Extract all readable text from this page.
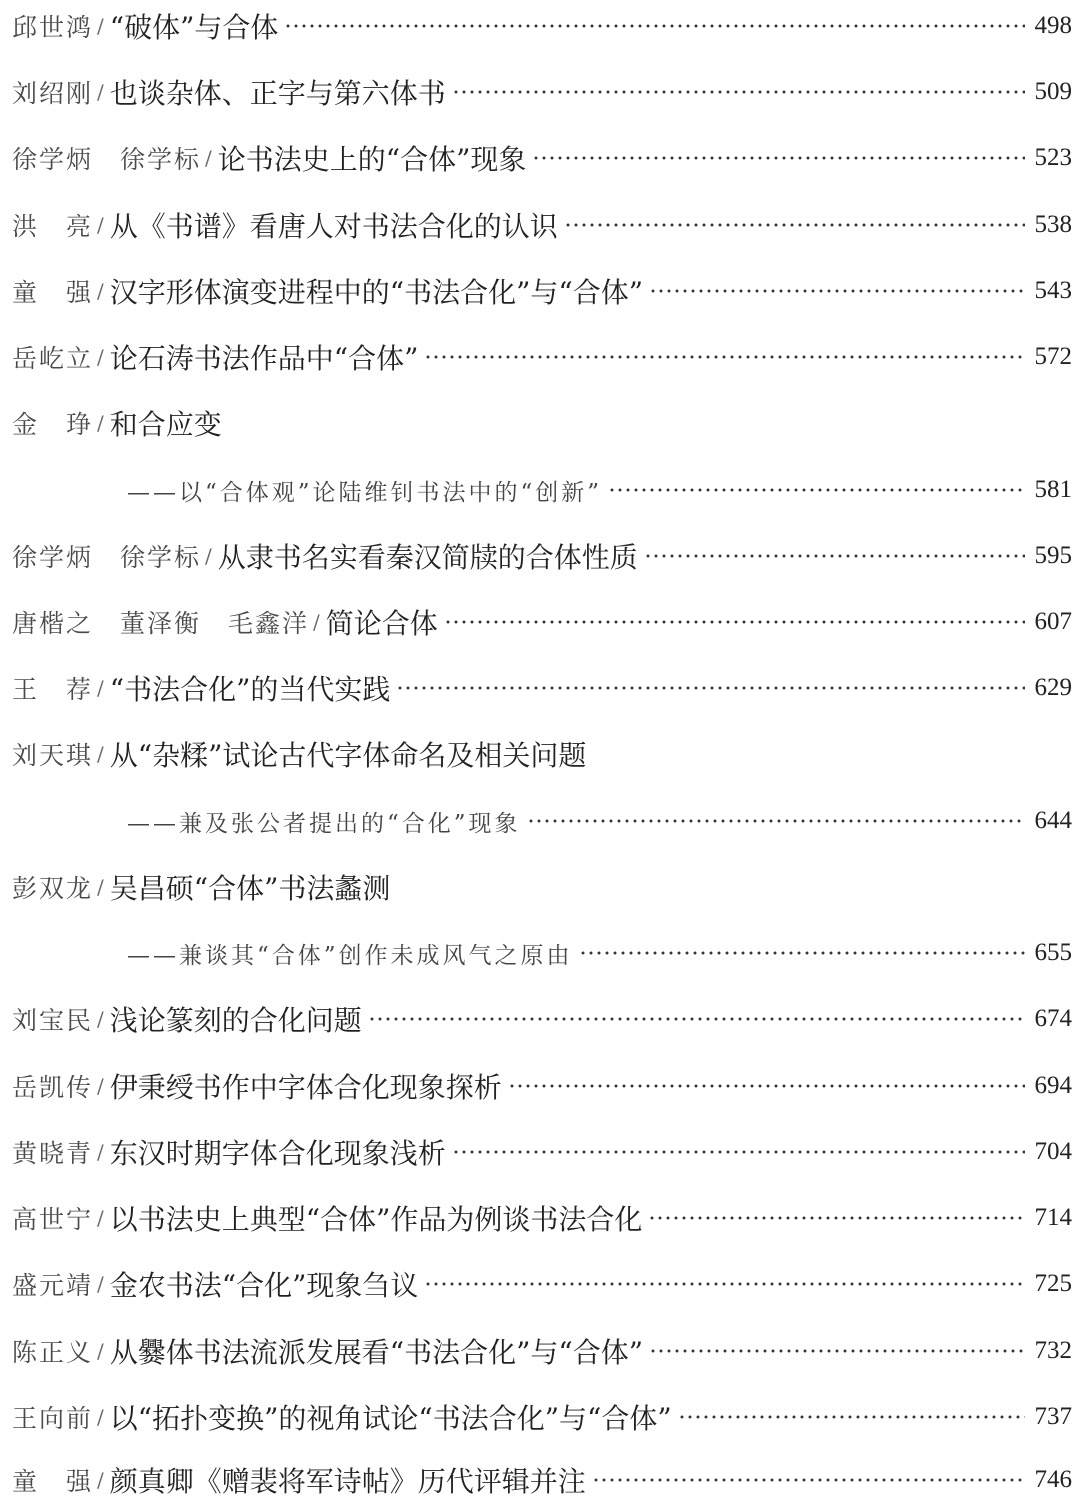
邱世鸿 / “破体”与合体	498
刘绍刚 / 也谈杂体、正字与第六体书	509
徐学炳　徐学标 / 论书法史上的“合体”现象	523
洪　亮 / 从《书谱》看唐人对书法合化的认识	538
童　强 / 汉字形体演变进程中的“书法合化”与“合体”	543
岳屹立 / 论石涛书法作品中“合体”	572
金　琤 / 和合应变
——以“合体观”论陆维钊书法中的“创新”	581
徐学炳　徐学标 / 从隶书名实看秦汉简牍的合体性质	595
唐楷之　董泽衡　毛鑫洋 / 简论合体	607
王　荐 / “书法合化”的当代实践	629
刘天琪 / 从“杂糅”试论古代字体命名及相关问题
——兼及张公者提出的“合化”现象	644
彭双龙 / 吴昌硕“合体”书法蠡测
——兼谈其“合体”创作未成风气之原由	655
刘宝民 / 浅论篆刻的合化问题	674
岳凯传 / 伊秉绶书作中字体合化现象探析	694
黄晓青 / 东汉时期字体合化现象浅析	704
高世宁 / 以书法史上典型“合体”作品为例谈书法合化	714
盛元靖 / 金农书法“合化”现象刍议	725
陈正义 / 从爨体书法流派发展看“书法合化”与“合体”	732
王向前 / 以“拓扑变换”的视角试论“书法合化”与“合体”	737
童　强 / 颜真卿《赠裴将军诗帖》历代评辑并注	746
